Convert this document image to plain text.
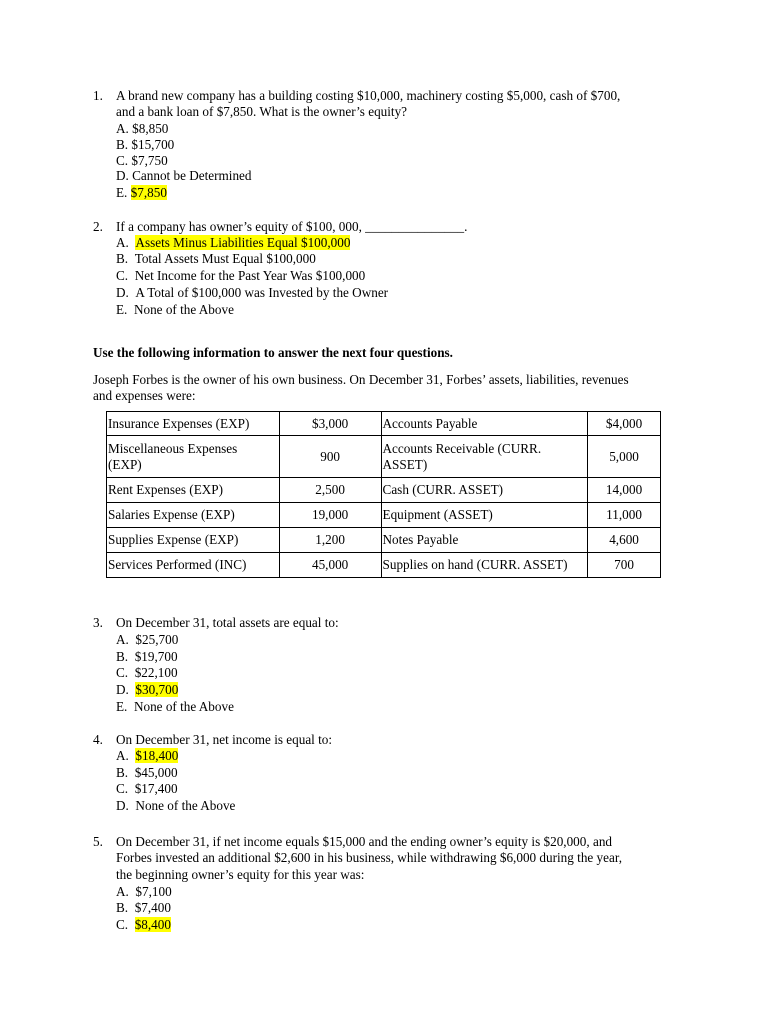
1. A brand new company has a building costing $10,000, machinery costing $5,000, cash of $700,
and a bank loan of $7,850. What is the owner’s equity?
A. $8,850
B. $15,700
C. $7,750
D. Cannot be Determined
E. $7,850
2. If a company has owner’s equity of $100, 000, _______________.
A. Assets Minus Liabilities Equal $100,000
B. Total Assets Must Equal $100,000
C. Net Income for the Past Year Was $100,000
D. A Total of $100,000 was Invested by the Owner
E. None of the Above
Use the following information to answer the next four questions.
Joseph Forbes is the owner of his own business. On December 31, Forbes’ assets, liabilities, revenues
and expenses were:
Insurance Expenses (EXP)	$3,000	Accounts Payable	$4,000
Miscellaneous Expenses
(EXP)	900	Accounts Receivable (CURR.
ASSET)	5,000
Rent Expenses (EXP)	2,500	Cash (CURR. ASSET)	14,000
Salaries Expense (EXP)	19,000	Equipment (ASSET)	11,000
Supplies Expense (EXP)	1,200	Notes Payable	4,600
Services Performed (INC)	45,000	Supplies on hand (CURR. ASSET)	700
3. On December 31, total assets are equal to:
A. $25,700
B. $19,700
C. $22,100
D. $30,700
E. None of the Above
4. On December 31, net income is equal to:
A. $18,400
B. $45,000
C. $17,400
D. None of the Above
5. On December 31, if net income equals $15,000 and the ending owner’s equity is $20,000, and
Forbes invested an additional $2,600 in his business, while withdrawing $6,000 during the year,
the beginning owner’s equity for this year was:
A. $7,100
B. $7,400
C. $8,400
